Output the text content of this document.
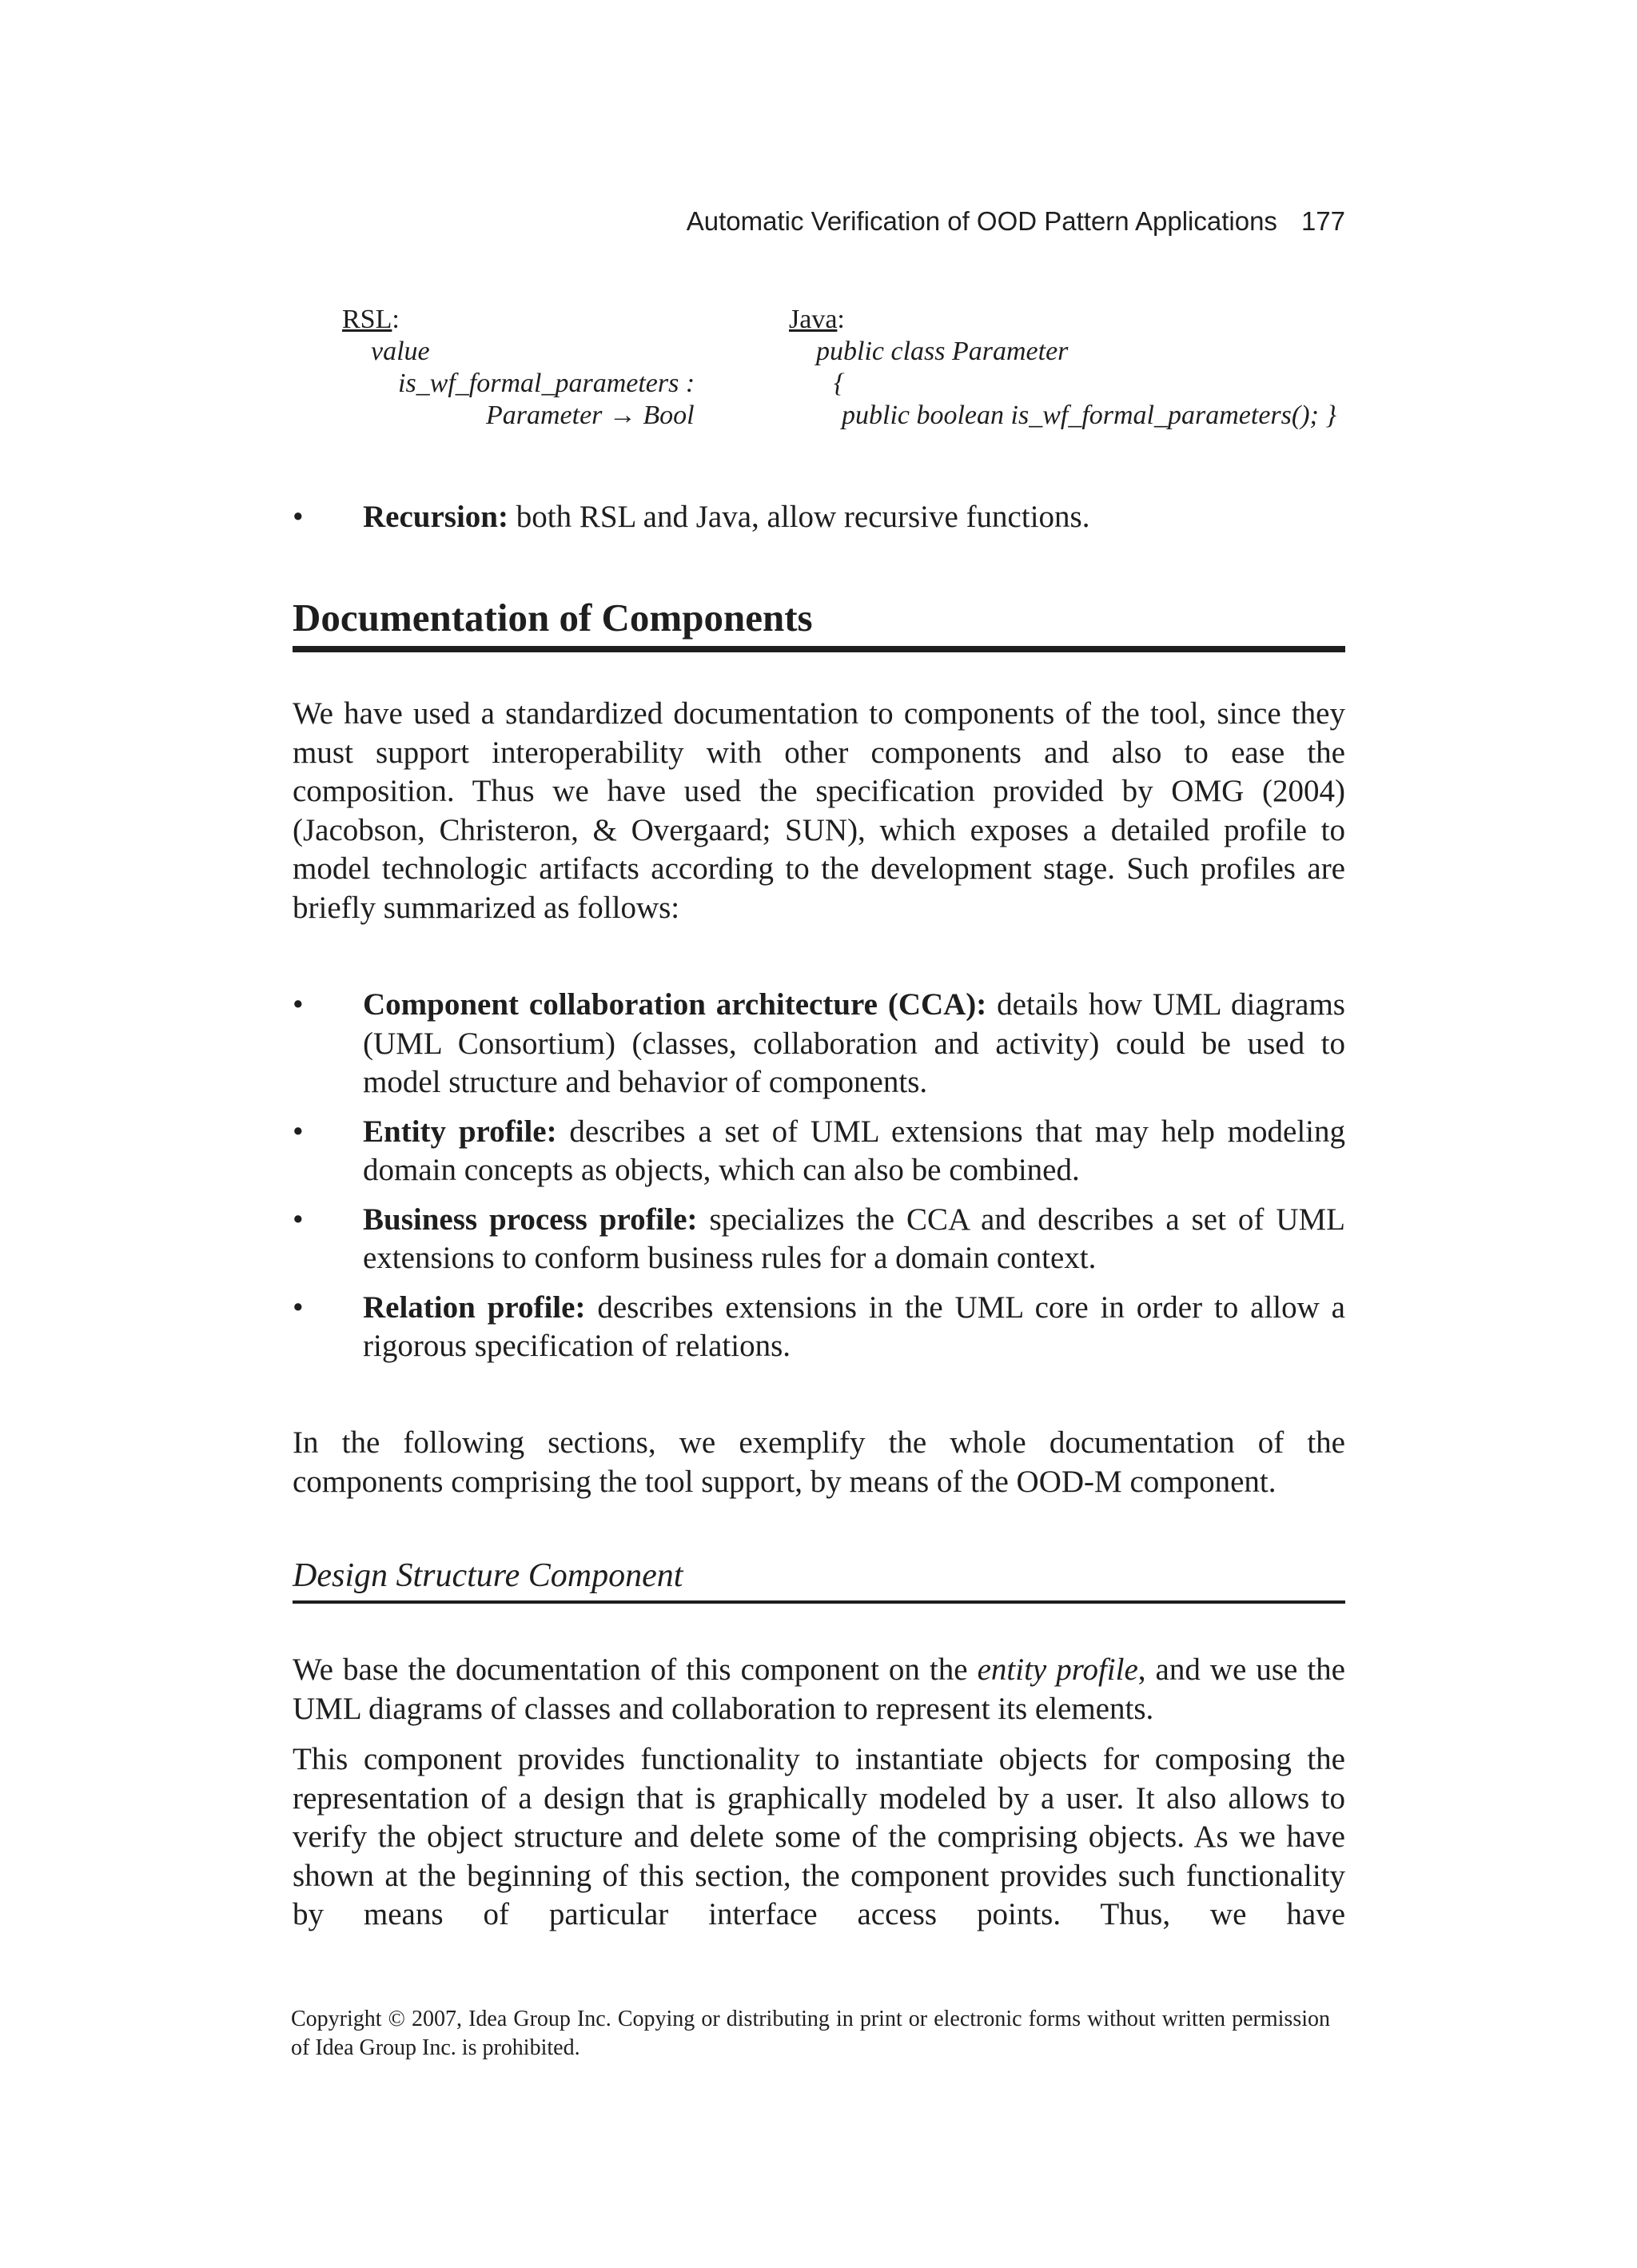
Automatic Verification of OOD Pattern Applications 177
RSL:
value
is_wf_formal_parameters :
Parameter → Bool
Java:
public class Parameter
{
public boolean is_wf_formal_parameters(); }
• Recursion: both RSL and Java, allow recursive functions.
Documentation of Components

We have used a standardized documentation to components of the tool, since they must support interoperability with other components and also to ease the composition. Thus we have used the specification provided by OMG (2004) (Jacobson, Christeron, & Overgaard; SUN), which exposes a detailed profile to model technologic artifacts according to the development stage. Such profiles are briefly summarized as follows:

• Component collaboration architecture (CCA): details how UML diagrams (UML Consortium) (classes, collaboration and activity) could be used to model structure and behavior of components.
• Entity profile: describes a set of UML extensions that may help modeling domain concepts as objects, which can also be combined.
• Business process profile: specializes the CCA and describes a set of UML extensions to conform business rules for a domain context.
• Relation profile: describes extensions in the UML core in order to allow a rigorous specification of relations.

In the following sections, we exemplify the whole documentation of the components comprising the tool support, by means of the OOD-M component.

Design Structure Component

We base the documentation of this component on the entity profile, and we use the UML diagrams of classes and collaboration to represent its elements.

This component provides functionality to instantiate objects for composing the representation of a design that is graphically modeled by a user. It also allows to verify the object structure and delete some of the comprising objects. As we have shown at the beginning of this section, the component provides such functionality by means of particular interface access points. Thus, we have

Copyright © 2007, Idea Group Inc. Copying or distributing in print or electronic forms without written permission of Idea Group Inc. is prohibited.
